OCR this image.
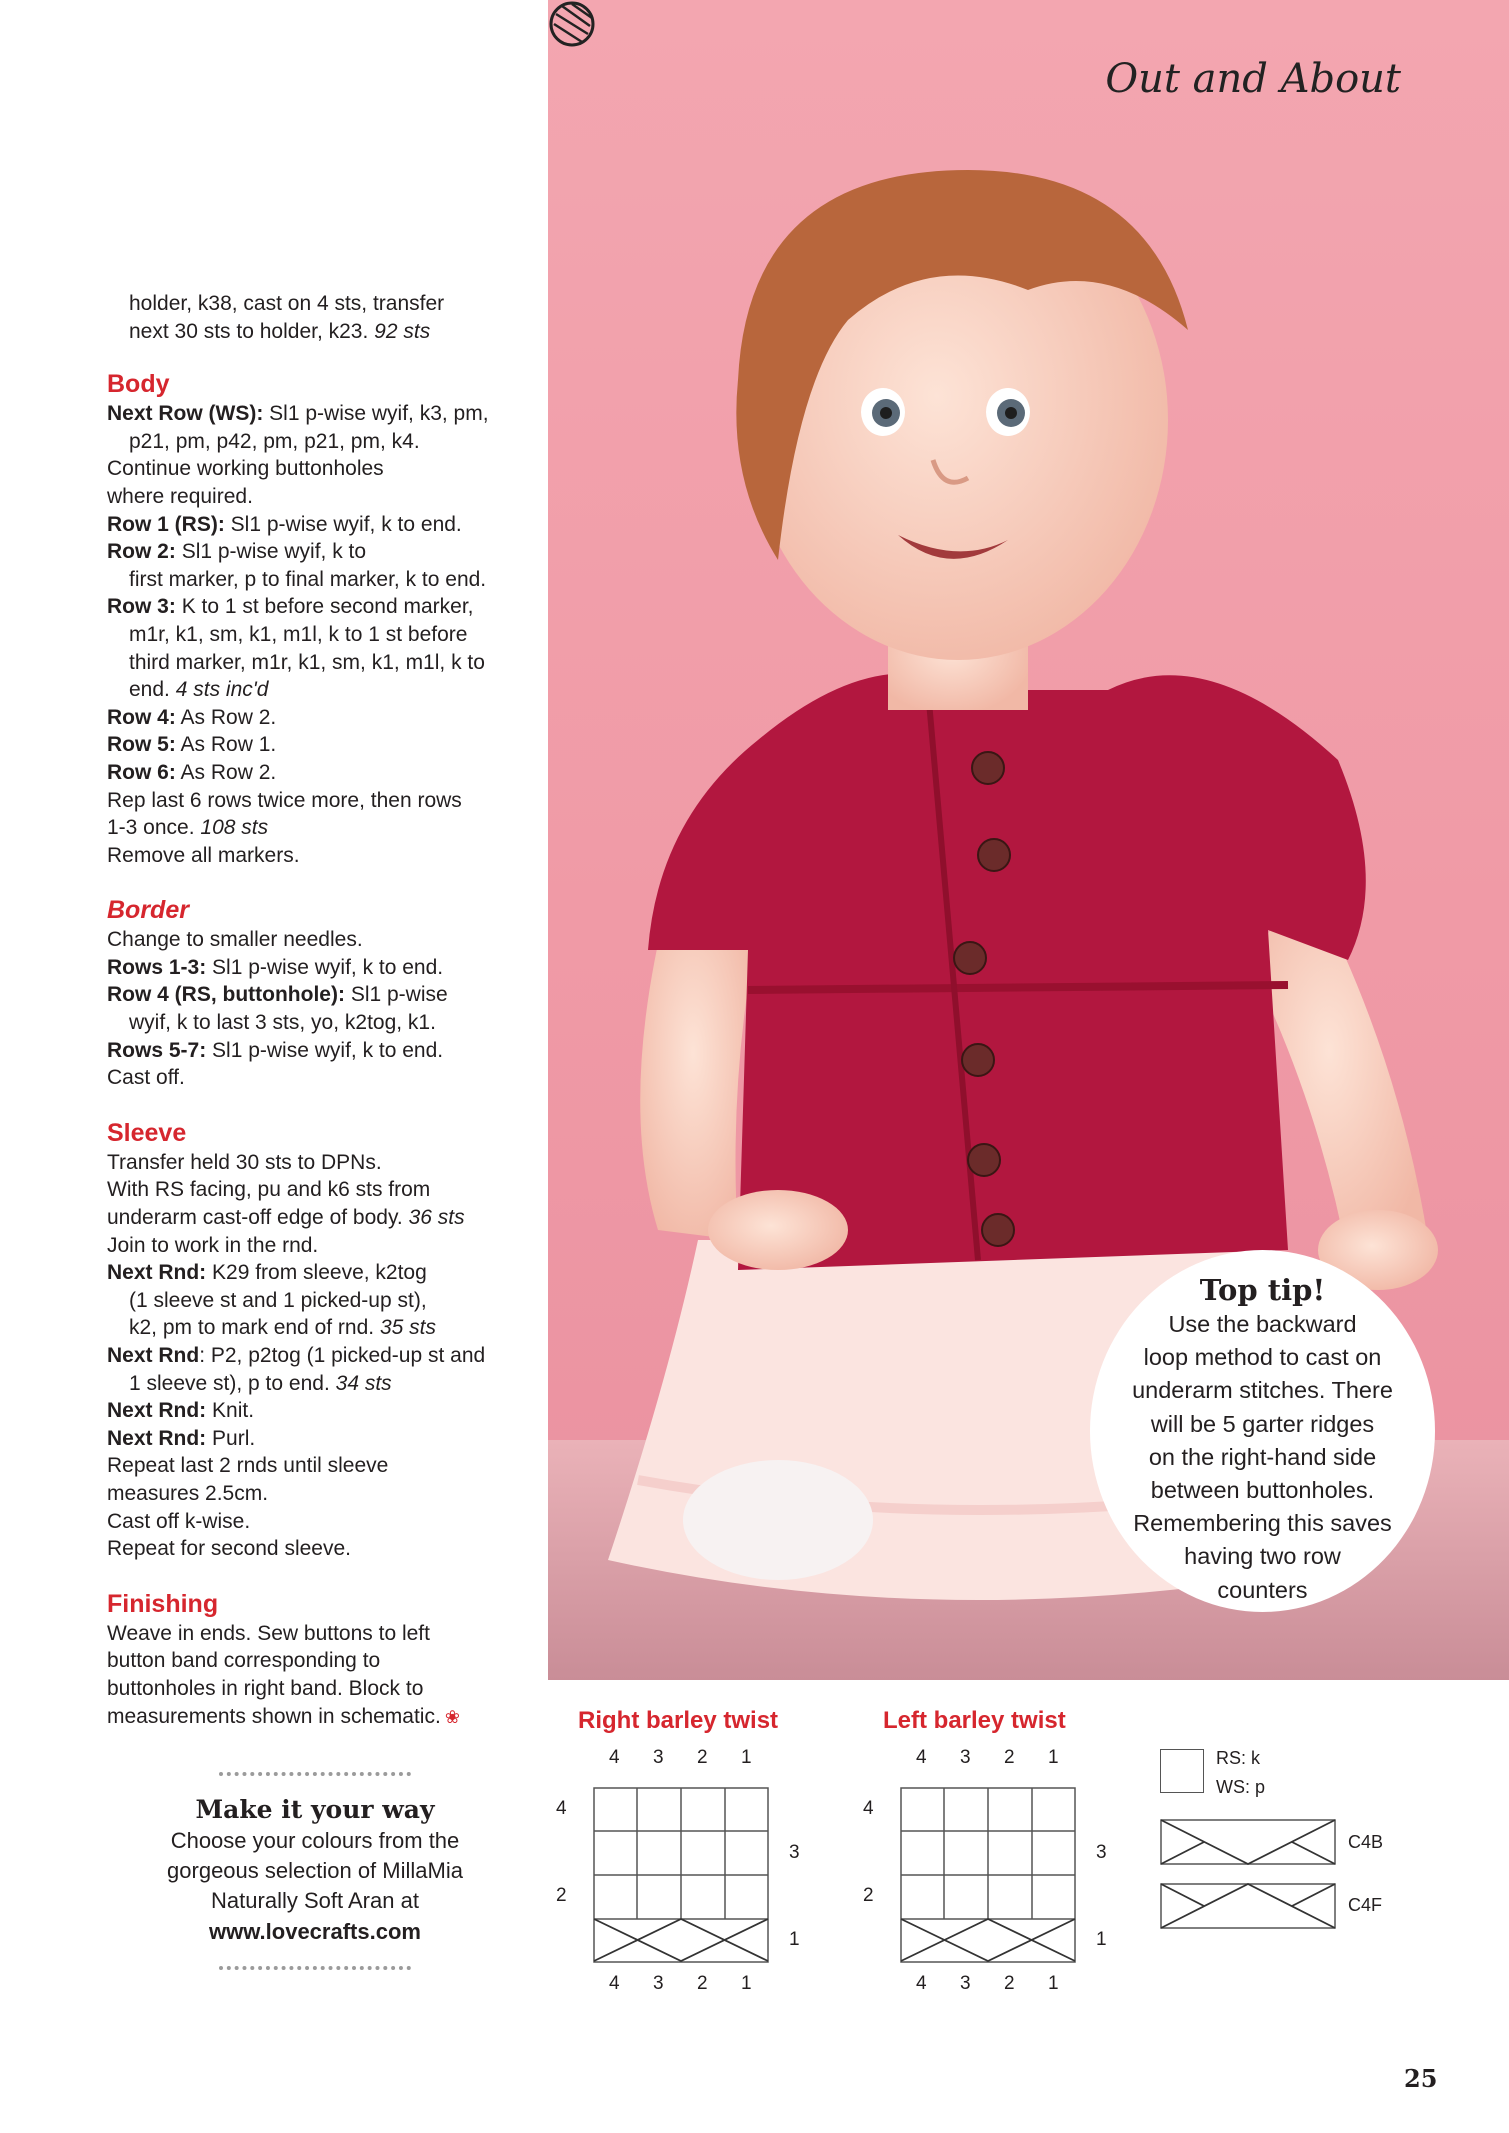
holder, k38, cast on 4 sts, transfer
next 30 sts to holder, k23. 92 sts
Body
Next Row (WS): Sl1 p-wise wyif, k3, pm,
p21, pm, p42, pm, p21, pm, k4.
Continue working buttonholes
where required.
Row 1 (RS): Sl1 p-wise wyif, k to end.
Row 2: Sl1 p-wise wyif, k to
first marker, p to final marker, k to end.
Row 3: K to 1 st before second marker,
m1r, k1, sm, k1, m1l, k to 1 st before
third marker, m1r, k1, sm, k1, m1l, k to
end. 4 sts inc'd
Row 4: As Row 2.
Row 5: As Row 1.
Row 6: As Row 2.
Rep last 6 rows twice more, then rows
1-3 once. 108 sts
Remove all markers.
Border
Change to smaller needles.
Rows 1-3: Sl1 p-wise wyif, k to end.
Row 4 (RS, buttonhole): Sl1 p-wise
wyif, k to last 3 sts, yo, k2tog, k1.
Rows 5-7: Sl1 p-wise wyif, k to end.
Cast off.
Sleeve
Transfer held 30 sts to DPNs.
With RS facing, pu and k6 sts from
underarm cast-off edge of body. 36 sts
Join to work in the rnd.
Next Rnd: K29 from sleeve, k2tog
(1 sleeve st and 1 picked-up st),
k2, pm to mark end of rnd. 35 sts
Next Rnd: P2, p2tog (1 picked-up st and
1 sleeve st), p to end. 34 sts
Next Rnd: Knit.
Next Rnd: Purl.
Repeat last 2 rnds until sleeve
measures 2.5cm.
Cast off k-wise.
Repeat for second sleeve.
Finishing
Weave in ends. Sew buttons to left
button band corresponding to
buttonholes in right band. Block to
measurements shown in schematic. ❀
Make it your way
Choose your colours from the
gorgeous selection of MillaMia
Naturally Soft Aran at
www.lovecrafts.com
Out and About
Top tip!
Use the backward
loop method to cast on
underarm stitches. There
will be 5 garter ridges
on the right-hand side
between buttonholes.
Remembering this saves
having two row
counters
Right barley twist	Left barley twist
4 3 2 1
4 3 2 1
4
2
3
1
4 3 2 1
4 3 2 1
4
2
3
1
RS: k
WS: p
C4B
C4F
25
